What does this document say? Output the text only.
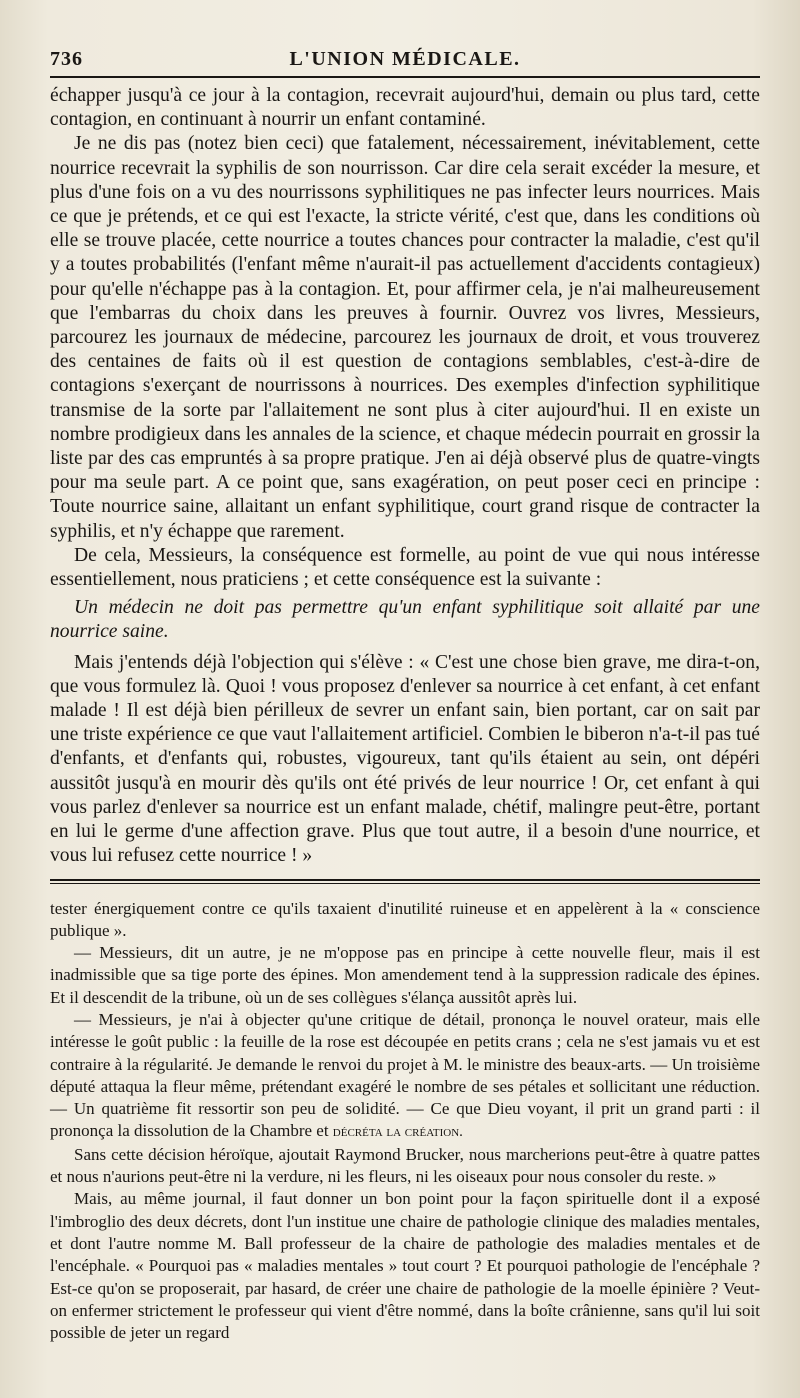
736	L'UNION MÉDICALE.

échapper jusqu'à ce jour à la contagion, recevrait aujourd'hui, demain ou plus tard, cette contagion, en continuant à nourrir un enfant contaminé.

Je ne dis pas (notez bien ceci) que fatalement, nécessairement, inévitablement, cette nourrice recevrait la syphilis de son nourrisson. Car dire cela serait excéder la mesure, et plus d'une fois on a vu des nourrissons syphilitiques ne pas infecter leurs nourrices. Mais ce que je prétends, et ce qui est l'exacte, la stricte vérité, c'est que, dans les conditions où elle se trouve placée, cette nourrice a toutes chances pour contracter la maladie, c'est qu'il y a toutes probabilités (l'enfant même n'aurait-il pas actuellement d'accidents contagieux) pour qu'elle n'échappe pas à la contagion. Et, pour affirmer cela, je n'ai malheureusement que l'embarras du choix dans les preuves à fournir. Ouvrez vos livres, Messieurs, parcourez les journaux de médecine, parcourez les journaux de droit, et vous trouverez des centaines de faits où il est question de contagions semblables, c'est-à-dire de contagions s'exerçant de nourrissons à nourrices. Des exemples d'infection syphilitique transmise de la sorte par l'allaitement ne sont plus à citer aujourd'hui. Il en existe un nombre prodigieux dans les annales de la science, et chaque médecin pourrait en grossir la liste par des cas empruntés à sa propre pratique. J'en ai déjà observé plus de quatre-vingts pour ma seule part. A ce point que, sans exagération, on peut poser ceci en principe : Toute nourrice saine, allaitant un enfant syphilitique, court grand risque de contracter la syphilis, et n'y échappe que rarement.

De cela, Messieurs, la conséquence est formelle, au point de vue qui nous intéresse essentiellement, nous praticiens ; et cette conséquence est la suivante :

Un médecin ne doit pas permettre qu'un enfant syphilitique soit allaité par une nourrice saine.

Mais j'entends déjà l'objection qui s'élève : « C'est une chose bien grave, me dira-t-on, que vous formulez là. Quoi ! vous proposez d'enlever sa nourrice à cet enfant, à cet enfant malade ! Il est déjà bien périlleux de sevrer un enfant sain, bien portant, car on sait par une triste expérience ce que vaut l'allaitement artificiel. Combien le biberon n'a-t-il pas tué d'enfants, et d'enfants qui, robustes, vigoureux, tant qu'ils étaient au sein, ont dépéri aussitôt jusqu'à en mourir dès qu'ils ont été privés de leur nourrice ! Or, cet enfant à qui vous parlez d'enlever sa nourrice est un enfant malade, chétif, malingre peut-être, portant en lui le germe d'une affection grave. Plus que tout autre, il a besoin d'une nourrice, et vous lui refusez cette nourrice ! »

tester énergiquement contre ce qu'ils taxaient d'inutilité ruineuse et en appelèrent à la « conscience publique ».

— Messieurs, dit un autre, je ne m'oppose pas en principe à cette nouvelle fleur, mais il est inadmissible que sa tige porte des épines. Mon amendement tend à la suppression radicale des épines. Et il descendit de la tribune, où un de ses collègues s'élança aussitôt après lui.

— Messieurs, je n'ai à objecter qu'une critique de détail, prononça le nouvel orateur, mais elle intéresse le goût public : la feuille de la rose est découpée en petits crans ; cela ne s'est jamais vu et est contraire à la régularité. Je demande le renvoi du projet à M. le ministre des beaux-arts. — Un troisième député attaqua la fleur même, prétendant exagéré le nombre de ses pétales et sollicitant une réduction. — Un quatrième fit ressortir son peu de solidité. — Ce que Dieu voyant, il prit un grand parti : il prononça la dissolution de la Chambre et décréta la création.

Sans cette décision héroïque, ajoutait Raymond Brucker, nous marcherions peut-être à quatre pattes et nous n'aurions peut-être ni la verdure, ni les fleurs, ni les oiseaux pour nous consoler du reste. »

Mais, au même journal, il faut donner un bon point pour la façon spirituelle dont il a exposé l'imbroglio des deux décrets, dont l'un institue une chaire de pathologie clinique des maladies mentales, et dont l'autre nomme M. Ball professeur de la chaire de pathologie des maladies mentales et de l'encéphale. « Pourquoi pas « maladies mentales » tout court ? Et pourquoi pathologie de l'encéphale ? Est-ce qu'on se proposerait, par hasard, de créer une chaire de pathologie de la moelle épinière ? Veut-on enfermer strictement le professeur qui vient d'être nommé, dans la boîte crânienne, sans qu'il lui soit possible de jeter un regard
